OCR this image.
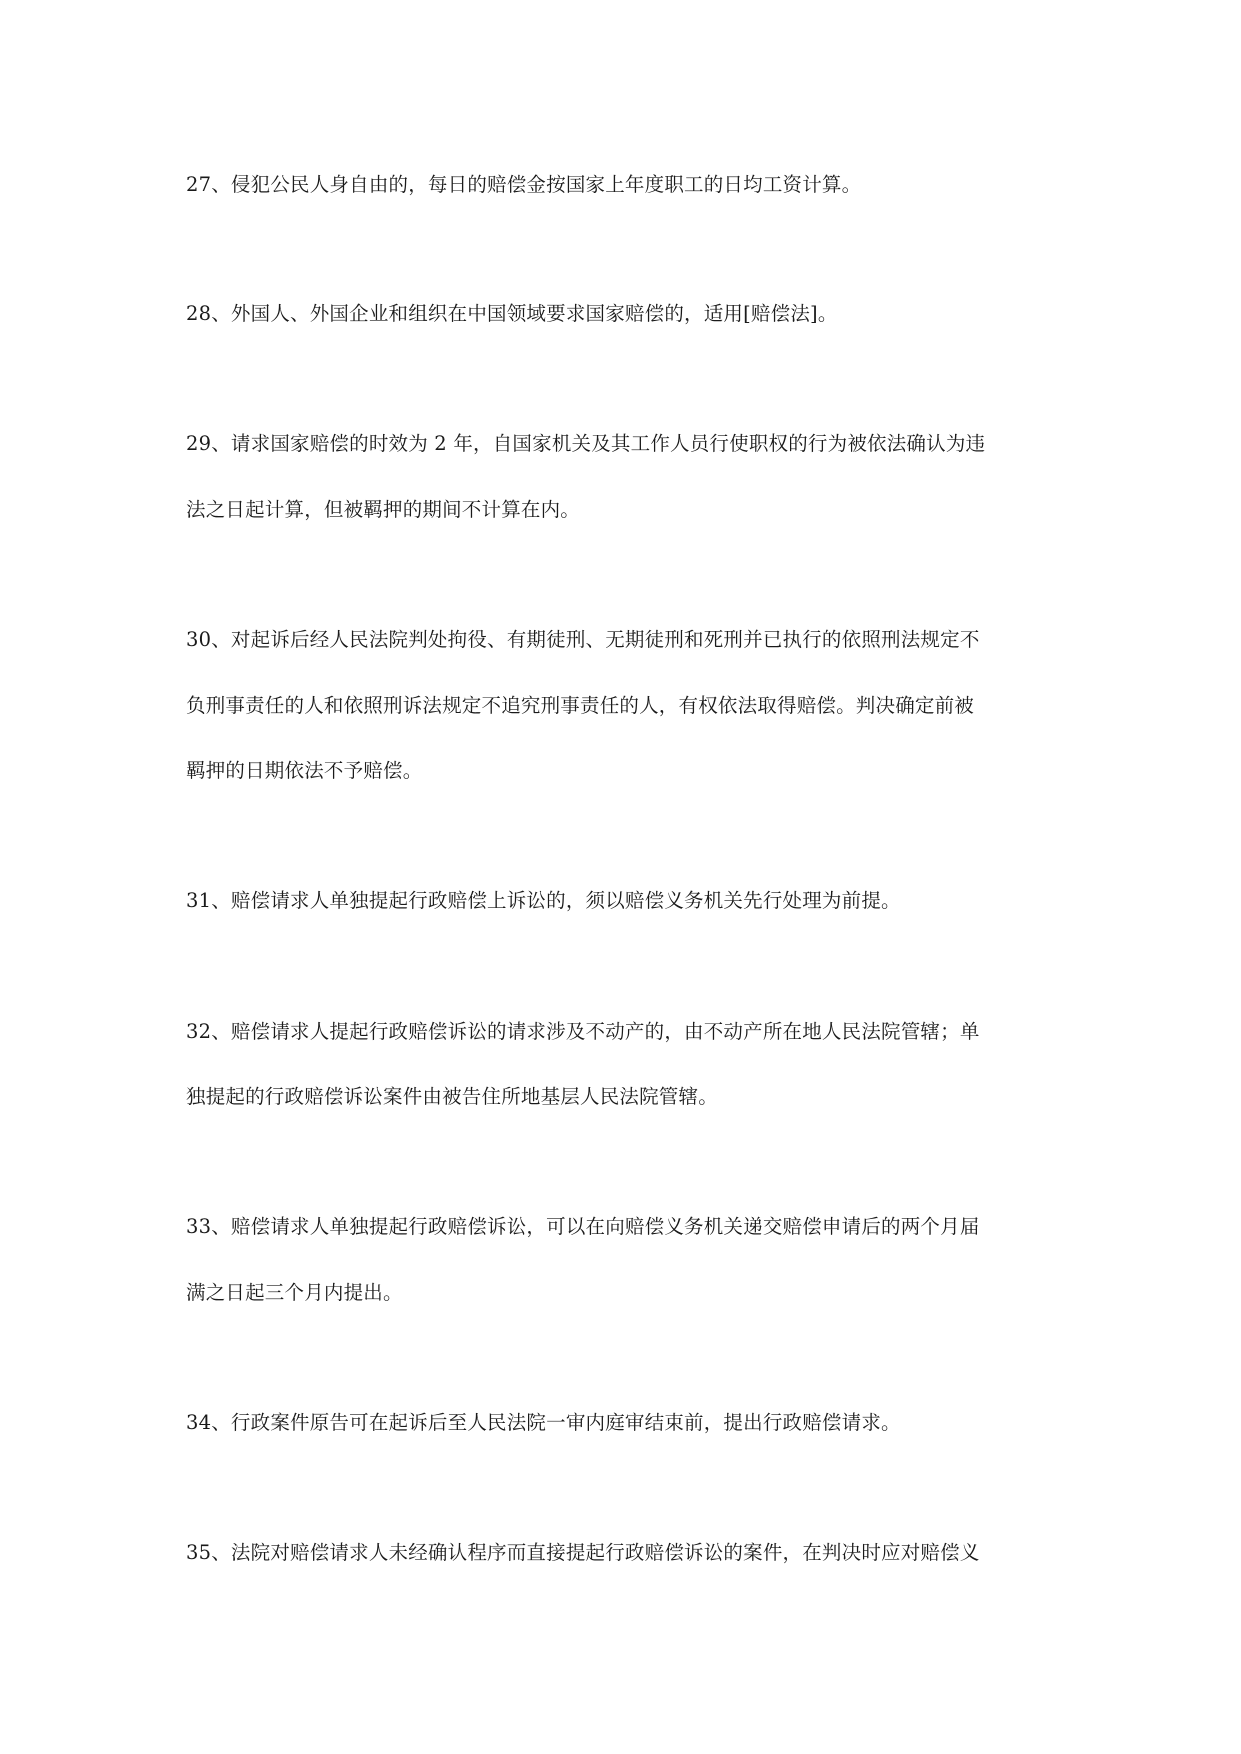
27、侵犯公民人身自由的，每日的赔偿金按国家上年度职工的日均工资计算。
28、外国人、外国企业和组织在中国领域要求国家赔偿的，适用[赔偿法]。
29、请求国家赔偿的时效为 2 年，自国家机关及其工作人员行使职权的行为被依法确认为违
法之日起计算，但被羁押的期间不计算在内。
30、对起诉后经人民法院判处拘役、有期徒刑、无期徒刑和死刑并已执行的依照刑法规定不
负刑事责任的人和依照刑诉法规定不追究刑事责任的人，有权依法取得赔偿。判决确定前被
羁押的日期依法不予赔偿。
31、赔偿请求人单独提起行政赔偿上诉讼的，须以赔偿义务机关先行处理为前提。
32、赔偿请求人提起行政赔偿诉讼的请求涉及不动产的，由不动产所在地人民法院管辖；单
独提起的行政赔偿诉讼案件由被告住所地基层人民法院管辖。
33、赔偿请求人单独提起行政赔偿诉讼，可以在向赔偿义务机关递交赔偿申请后的两个月届
满之日起三个月内提出。
34、行政案件原告可在起诉后至人民法院一审内庭审结束前，提出行政赔偿请求。
35、法院对赔偿请求人未经确认程序而直接提起行政赔偿诉讼的案件，在判决时应对赔偿义
